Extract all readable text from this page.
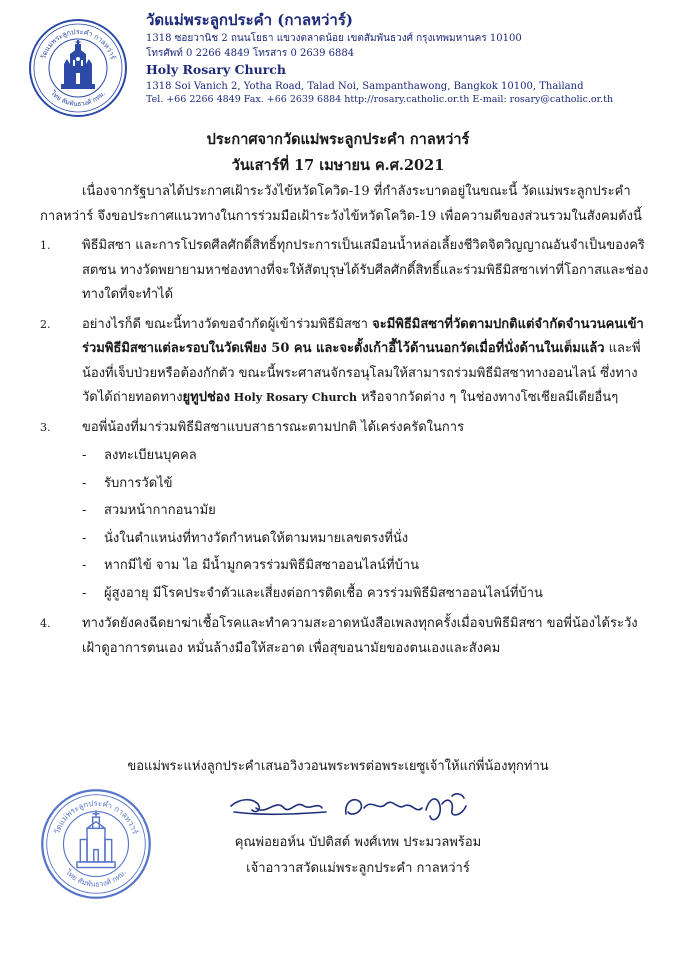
วัดแม่พระลูกประคำ กาลหว่าร์
ไทย สัมพันธวงศ์ กทม.
วัดแม่พระลูกประคำ (กาลหว่าร์)
1318 ซอยวานิช 2 ถนนโยธา แขวงตลาดน้อย เขตสัมพันธวงศ์ กรุงเทพมหานคร 10100
โทรศัพท์ 0 2266 4849 โทรสาร 0 2639 6884
Holy Rosary Church
1318 Soi Vanich 2, Yotha Road, Talad Noi, Sampanthawong, Bangkok 10100, Thailand
Tel. +66 2266 4849 Fax. +66 2639 6884 http://rosary.catholic.or.th E-mail: rosary@catholic.or.th
ประกาศจากวัดแม่พระลูกประคำ กาลหว่าร์
วันเสาร์ที่ 17 เมษายน ค.ศ.2021

เนื่องจากรัฐบาลได้ประกาศเฝ้าระวังไข้หวัดโควิด-19 ที่กำลังระบาดอยู่ในขณะนี้ วัดแม่พระลูกประคำ กาลหว่าร์ จึงขอประกาศแนวทางในการร่วมมือเฝ้าระวังไข้หวัดโควิด-19 เพื่อความดีของส่วนรวมในสังคมดังนี้

1. พิธีมิสซา และการโปรดศีลศักดิ์สิทธิ์ทุกประการเป็นเสมือนน้ำหล่อเลี้ยงชีวิตจิตวิญญาณอันจำเป็นของคริสตชน ทางวัดพยายามหาช่องทางที่จะให้สัตบุรุษได้รับศีลศักดิ์สิทธิ์และร่วมพิธีมิสซาเท่าที่โอกาสและช่องทางใดที่จะทำได้
2. อย่างไรก็ดี ขณะนี้ทางวัดขอจำกัดผู้เข้าร่วมพิธีมิสซา จะมีพิธีมิสซาที่วัดตามปกติแต่จำกัดจำนวนคนเข้าร่วมพิธีมิสซาแต่ละรอบในวัดเพียง 50 คน และจะตั้งเก้าอี้ไว้ด้านนอกวัดเมื่อที่นั่งด้านในเต็มแล้ว และพี่น้องที่เจ็บป่วยหรือต้องกักตัว ขณะนี้พระศาสนจักรอนุโลมให้สามารถร่วมพิธีมิสซาทางออนไลน์ ซึ่งทางวัดได้ถ่ายทอดทางยูทูปช่อง Holy Rosary Church หรือจากวัดต่าง ๆ ในช่องทางโซเชียลมีเดียอื่นๆ
3. ขอพี่น้องที่มาร่วมพิธีมิสซาแบบสาธารณะตามปกติ ได้เคร่งครัดในการ
- ลงทะเบียนบุคคล
- รับการวัดไข้
- สวมหน้ากากอนามัย
- นั่งในตำแหน่งที่ทางวัดกำหนดให้ตามหมายเลขตรงที่นั่ง
- หากมีไข้ จาม ไอ มีน้ำมูกควรร่วมพิธีมิสซาออนไลน์ที่บ้าน
- ผู้สูงอายุ มีโรคประจำตัวและเสี่ยงต่อการติดเชื้อ ควรร่วมพิธีมิสซาออนไลน์ที่บ้าน
4. ทางวัดยังคงฉีดยาฆ่าเชื้อโรคและทำความสะอาดหนังสือเพลงทุกครั้งเมื่อจบพิธีมิสซา ขอพี่น้องได้ระวังเฝ้าดูอาการตนเอง หมั่นล้างมือให้สะอาด เพื่อสุขอนามัยของตนเองและสังคม
ขอแม่พระแห่งลูกประคำเสนอวิงวอนพระพรต่อพระเยซูเจ้าให้แก่พี่น้องทุกท่าน
วัดแม่พระลูกประคำ กาลหว่าร์
ไทย สัมพันธวงศ์ กทม.
คุณพ่อยอห์น บัปติสต์ พงศ์เทพ ประมวลพร้อม
เจ้าอาวาสวัดแม่พระลูกประคำ กาลหว่าร์
